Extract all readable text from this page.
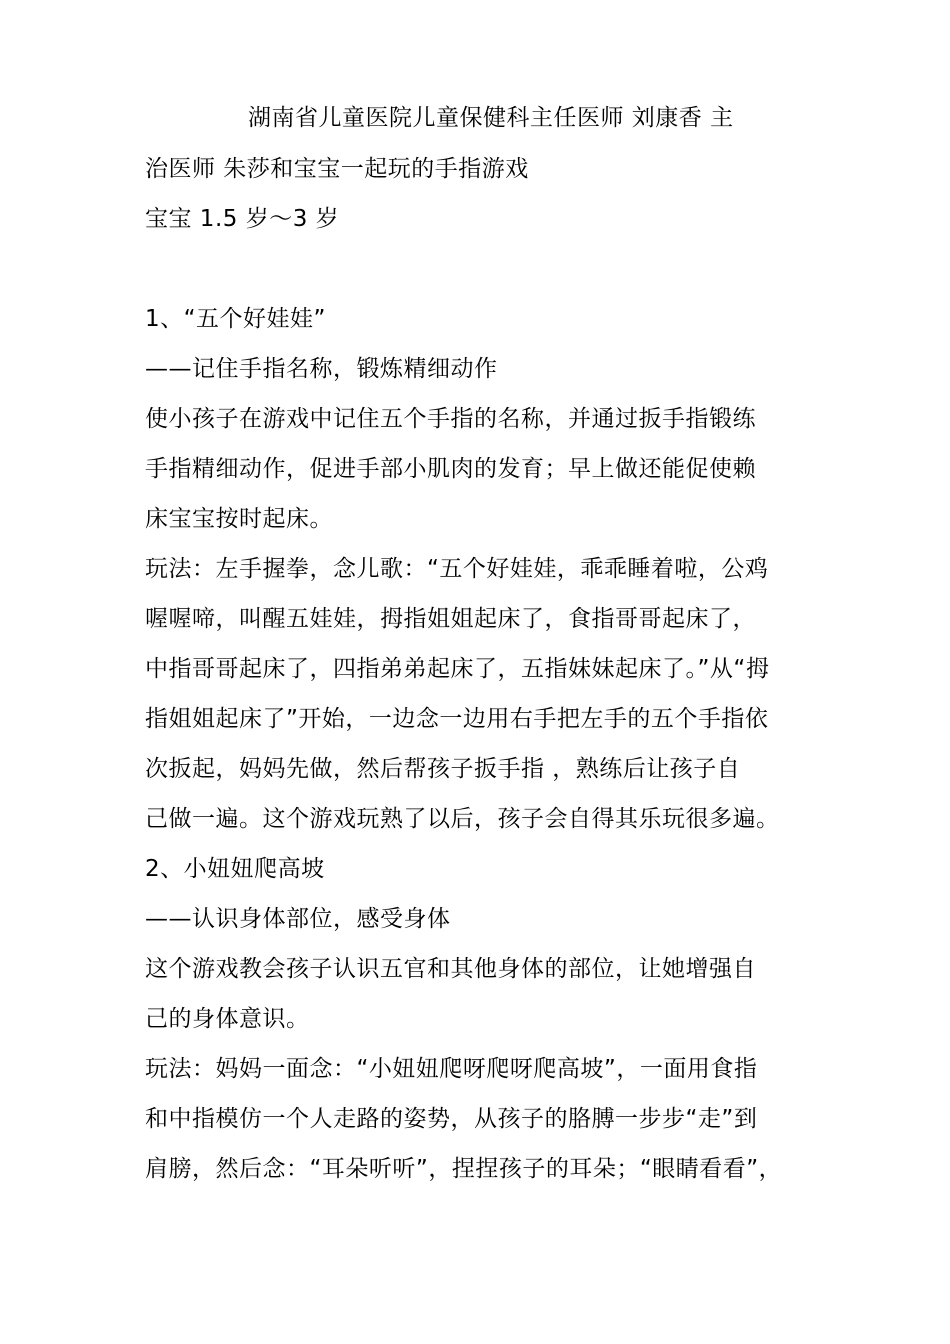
湖南省儿童医院儿童保健科主任医师 刘康香 主
治医师 朱莎和宝宝一起玩的手指游戏
宝宝 1.5 岁～3 岁
1、“五个好娃娃”
——记住手指名称，锻炼精细动作
使小孩子在游戏中记住五个手指的名称，并通过扳手指锻练
手指精细动作，促进手部小肌肉的发育；早上做还能促使赖
床宝宝按时起床。
玩法：左手握拳，念儿歌：“五个好娃娃，乖乖睡着啦，公鸡
喔喔啼，叫醒五娃娃，拇指姐姐起床了，食指哥哥起床了，
中指哥哥起床了，四指弟弟起床了，五指妹妹起床了。”从“拇
指姐姐起床了”开始，一边念一边用右手把左手的五个手指依
次扳起，妈妈先做，然后帮孩子扳手指 ，熟练后让孩子自
己做一遍。这个游戏玩熟了以后，孩子会自得其乐玩很多遍。
2、小妞妞爬高坡
——认识身体部位，感受身体
这个游戏教会孩子认识五官和其他身体的部位，让她增强自
己的身体意识。
玩法：妈妈一面念：“小妞妞爬呀爬呀爬高坡”，一面用食指
和中指模仿一个人走路的姿势，从孩子的胳膊一步步“走”到
肩膀，然后念：“耳朵听听”，捏捏孩子的耳朵；“眼睛看看”，
